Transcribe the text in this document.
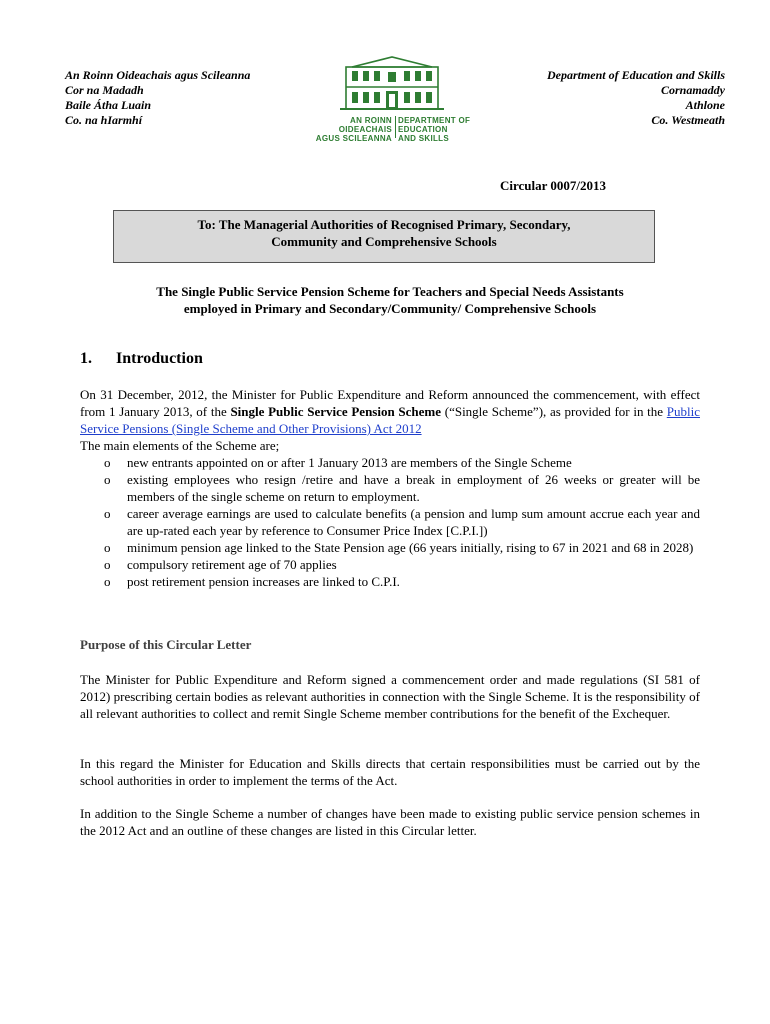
An Roinn Oideachais agus Scileanna
Cor na Madadh
Baile Átha Luain
Co. na hIarmhí	AN ROINN
OIDEACHAIS
AGUS SCILEANNA
DEPARTMENT OF
EDUCATION
AND SKILLS
Department of Education and Skills
Cornamaddy
Athlone
Co. Westmeath
Circular 0007/2013
To: The Managerial Authorities of Recognised Primary, Secondary,
Community and Comprehensive Schools
The Single Public Service Pension Scheme for Teachers and Special Needs Assistants
employed in Primary and Secondary/Community/ Comprehensive Schools
1. Introduction
On 31 December, 2012, the Minister for Public Expenditure and Reform announced the commencement, with effect from 1 January 2013, of the Single Public Service Pension Scheme (“Single Scheme”), as provided for in the Public Service Pensions (Single Scheme and Other Provisions) Act 2012
The main elements of the Scheme are;
o new entrants appointed on or after 1 January 2013 are members of the Single Scheme
o existing employees who resign /retire and have a break in employment of 26 weeks or greater will be members of the single scheme on return to employment.
o career average earnings are used to calculate benefits (a pension and lump sum amount accrue each year and are up-rated each year by reference to Consumer Price Index [C.P.I.])
o minimum pension age linked to the State Pension age (66 years initially, rising to 67 in 2021 and 68 in 2028)
o compulsory retirement age of 70 applies
o post retirement pension increases are linked to C.P.I.
Purpose of this Circular Letter
The Minister for Public Expenditure and Reform signed a commencement order and made regulations (SI 581 of 2012) prescribing certain bodies as relevant authorities in connection with the Single Scheme. It is the responsibility of all relevant authorities to collect and remit Single Scheme member contributions for the benefit of the Exchequer.
In this regard the Minister for Education and Skills directs that certain responsibilities must be carried out by the school authorities in order to implement the terms of the Act.
In addition to the Single Scheme a number of changes have been made to existing public service pension schemes in the 2012 Act and an outline of these changes are listed in this Circular letter.
